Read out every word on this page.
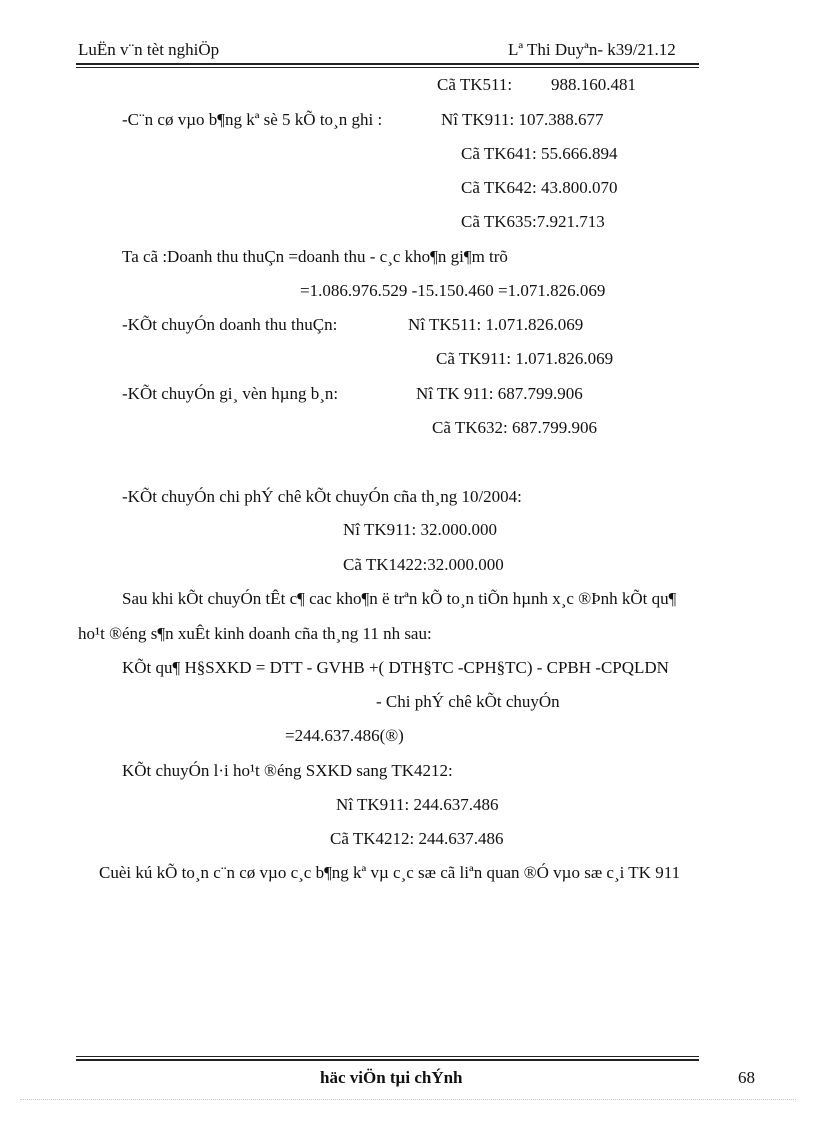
LuËn v¨n tèt nghiÖp	Lª Thi Duyªn- k39/21.12
Cã TK511: 988.160.481
-C¨n cø vµo b¶ng kª sè 5 kÕ to¸n ghi :	Nî TK911: 107.388.677
Cã TK641: 55.666.894
Cã TK642: 43.800.070
Cã TK635:7.921.713
Ta cã :Doanh thu thuÇn =doanh thu - c¸c kho¶n gi¶m trõ
=1.086.976.529 -15.150.460 =1.071.826.069
-KÕt chuyÓn doanh thu thuÇn:	Nî TK511: 1.071.826.069
Cã TK911: 1.071.826.069
-KÕt chuyÓn gi¸ vèn hµng b¸n:	Nî TK 911: 687.799.906
Cã TK632: 687.799.906
-KÕt chuyÓn chi phÝ chê kÕt chuyÓn cña th¸ng 10/2004:
Nî TK911: 32.000.000
Cã TK1422:32.000.000
Sau khi kÕt chuyÓn tÊt c¶ cac kho¶n ë trªn kÕ to¸n tiÕn hµnh x¸c ®Þnh kÕt qu¶
ho¹t ®éng s¶n xuÊt kinh doanh cña th¸ng 11 nh sau:
KÕt qu¶ H§SXKD = DTT - GVHB +( DTH§TC -CPH§TC) - CPBH -CPQLDN
- Chi phÝ chê kÕt chuyÓn
=244.637.486(®)
KÕt chuyÓn l·i ho¹t ®éng SXKD sang TK4212:
Nî TK911: 244.637.486
Cã TK4212: 244.637.486
Cuèi kú kÕ to¸n c¨n cø vµo c¸c b¶ng kª vµ c¸c sæ cã liªn quan ®Ó vµo sæ c¸i TK 911
häc viÖn tµi chÝnh	68
